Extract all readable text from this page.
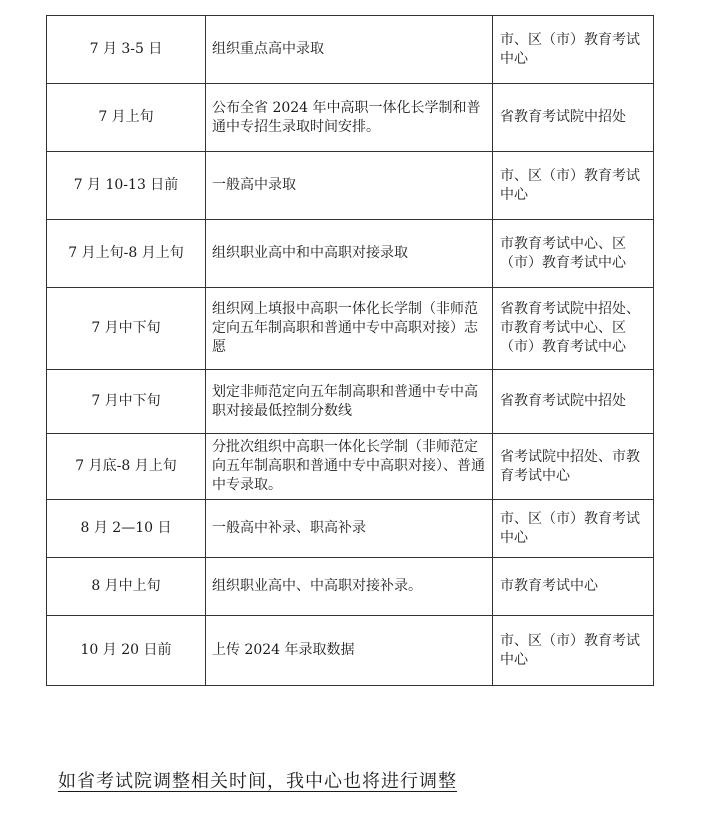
7 月 3-5 日	组织重点高中录取	市、区（市）教育考试中心
7 月上旬	公布全省 2024 年中高职一体化长学制和普通中专招生录取时间安排。	省教育考试院中招处
7 月 10-13 日前	一般高中录取	市、区（市）教育考试中心
7 月上旬-8 月上旬	组织职业高中和中高职对接录取	市教育考试中心、区（市）教育考试中心
7 月中下旬	组织网上填报中高职一体化长学制（非师范定向五年制高职和普通中专中高职对接）志愿	省教育考试院中招处、市教育考试中心、区（市）教育考试中心
7 月中下旬	划定非师范定向五年制高职和普通中专中高职对接最低控制分数线	省教育考试院中招处
7 月底-8 月上旬	分批次组织中高职一体化长学制（非师范定向五年制高职和普通中专中高职对接）、普通中专录取。	省考试院中招处、市教育考试中心
8 月 2—10 日	一般高中补录、职高补录	市、区（市）教育考试中心
8 月中上旬	组织职业高中、中高职对接补录。	市教育考试中心
10 月 20 日前	上传 2024 年录取数据	市、区（市）教育考试中心
如省考试院调整相关时间，我中心也将进行调整
